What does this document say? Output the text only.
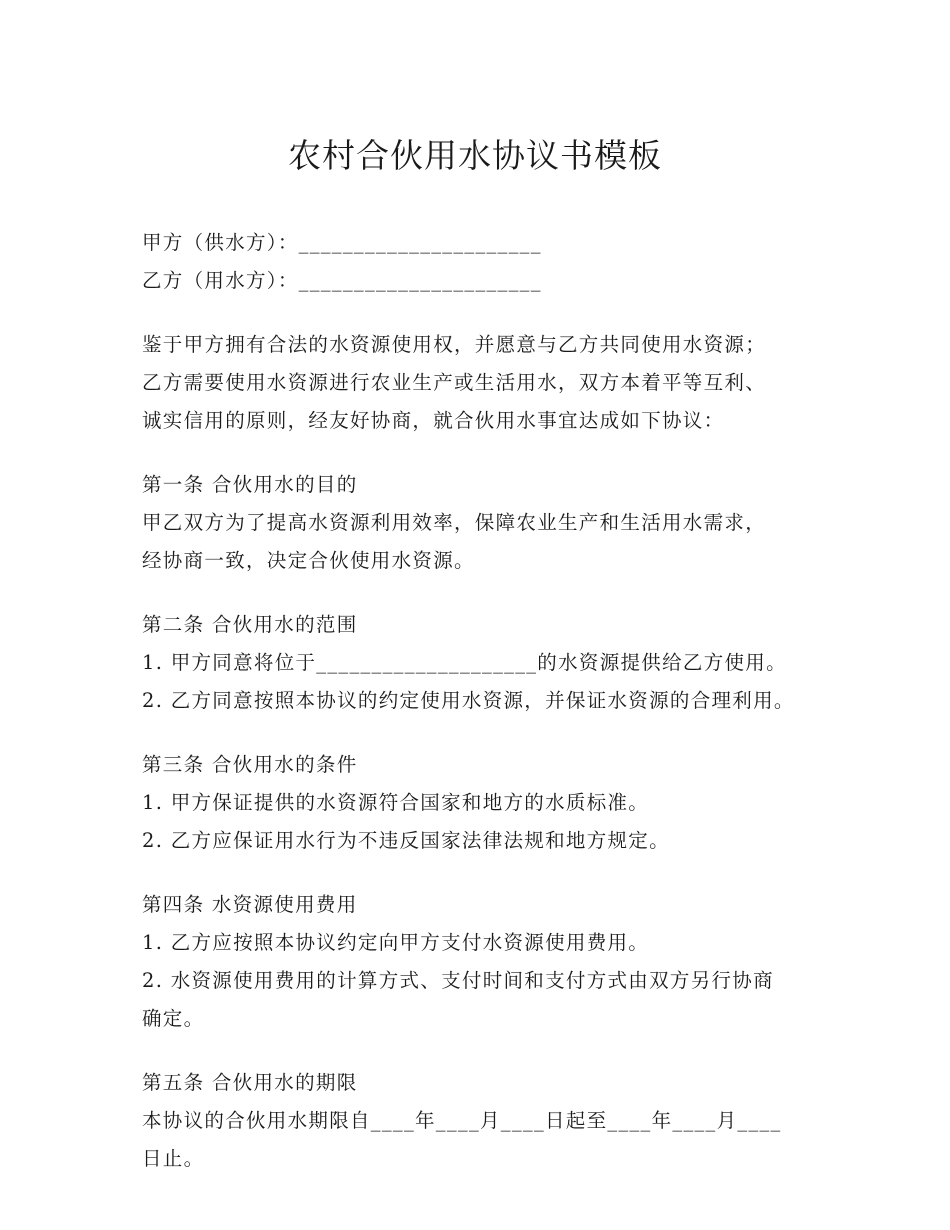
农村合伙用水协议书模板
甲方（供水方）：______________________
乙方（用水方）：______________________
鉴于甲方拥有合法的水资源使用权，并愿意与乙方共同使用水资源；
乙方需要使用水资源进行农业生产或生活用水，双方本着平等互利、
诚实信用的原则，经友好协商，就合伙用水事宜达成如下协议：
第一条 合伙用水的目的
甲乙双方为了提高水资源利用效率，保障农业生产和生活用水需求，
经协商一致，决定合伙使用水资源。
第二条 合伙用水的范围
1. 甲方同意将位于____________________的水资源提供给乙方使用。
2. 乙方同意按照本协议的约定使用水资源，并保证水资源的合理利用。
第三条 合伙用水的条件
1. 甲方保证提供的水资源符合国家和地方的水质标准。
2. 乙方应保证用水行为不违反国家法律法规和地方规定。
第四条 水资源使用费用
1. 乙方应按照本协议约定向甲方支付水资源使用费用。
2. 水资源使用费用的计算方式、支付时间和支付方式由双方另行协商
确定。
第五条 合伙用水的期限
本协议的合伙用水期限自____年____月____日起至____年____月____
日止。
